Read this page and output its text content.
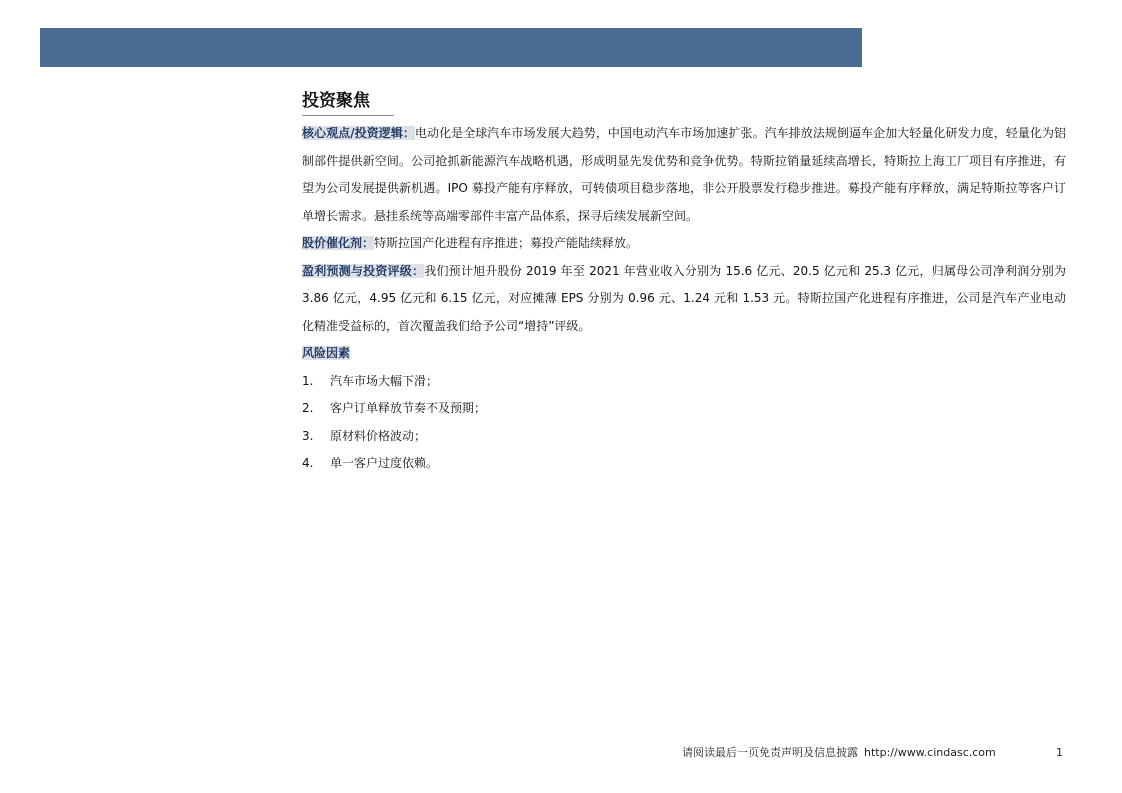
投资聚焦

核心观点/投资逻辑：电动化是全球汽车市场发展大趋势，中国电动汽车市场加速扩张。汽车排放法规倒逼车企加大轻量化研发力度，轻量化为铝制部件提供新空间。公司抢抓新能源汽车战略机遇，形成明显先发优势和竞争优势。特斯拉销量延续高增长，特斯拉上海工厂项目有序推进，有望为公司发展提供新机遇。IPO 募投产能有序释放，可转债项目稳步落地，非公开股票发行稳步推进。募投产能有序释放，满足特斯拉等客户订单增长需求。悬挂系统等高端零部件丰富产品体系，探寻后续发展新空间。

股价催化剂：特斯拉国产化进程有序推进；募投产能陆续释放。

盈利预测与投资评级：我们预计旭升股份 2019 年至 2021 年营业收入分别为 15.6 亿元、20.5 亿元和 25.3 亿元，归属母公司净利润分别为 3.86 亿元，4.95 亿元和 6.15 亿元，对应摊薄 EPS 分别为 0.96 元、1.24 元和 1.53 元。特斯拉国产化进程有序推进，公司是汽车产业电动化精准受益标的，首次覆盖我们给予公司“增持”评级。

风险因素

1.	汽车市场大幅下滑；
2.	客户订单释放节奏不及预期；
3.	原材料价格波动；
4.	单一客户过度依赖。
请阅读最后一页免责声明及信息披露 http://www.cindasc.com	1
